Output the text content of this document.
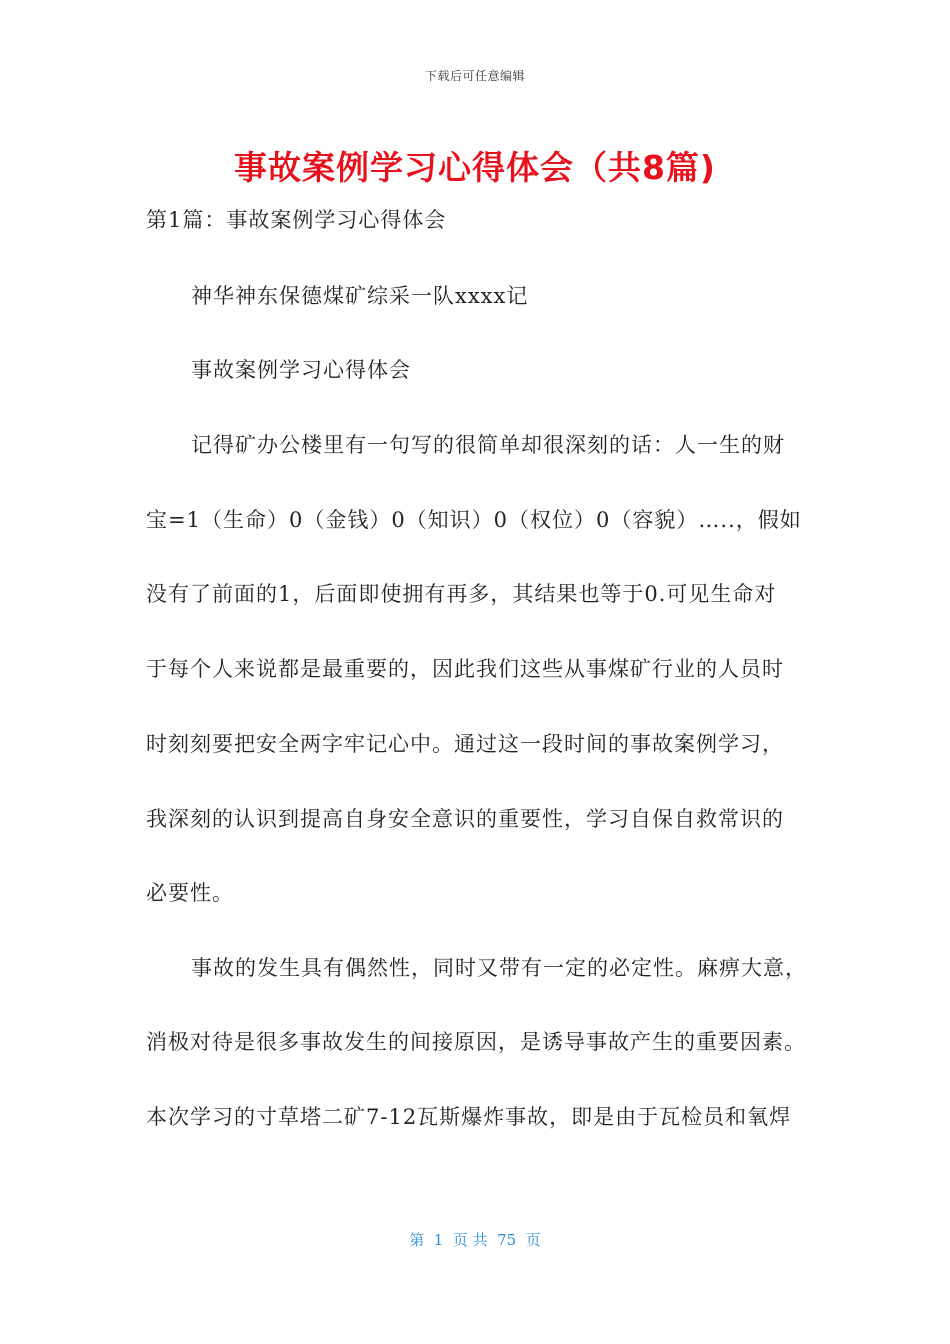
下载后可任意编辑
事故案例学习心得体会（共8篇)
第1篇：事故案例学习心得体会
神华神东保德煤矿综采一队xxxx记
事故案例学习心得体会
记得矿办公楼里有一句写的很简单却很深刻的话：人一生的财
宝=1（生命）0（金钱）0（知识）0（权位）0（容貌）…..，假如
没有了前面的1，后面即使拥有再多，其结果也等于0.可见生命对
于每个人来说都是最重要的，因此我们这些从事煤矿行业的人员时
时刻刻要把安全两字牢记心中。通过这一段时间的事故案例学习，
我深刻的认识到提高自身安全意识的重要性，学习自保自救常识的
必要性。
事故的发生具有偶然性，同时又带有一定的必定性。麻痹大意，
消极对待是很多事故发生的间接原因，是诱导事故产生的重要因素。
本次学习的寸草塔二矿7-12瓦斯爆炸事故，即是由于瓦检员和氧焊
第  1  页 共  75  页
